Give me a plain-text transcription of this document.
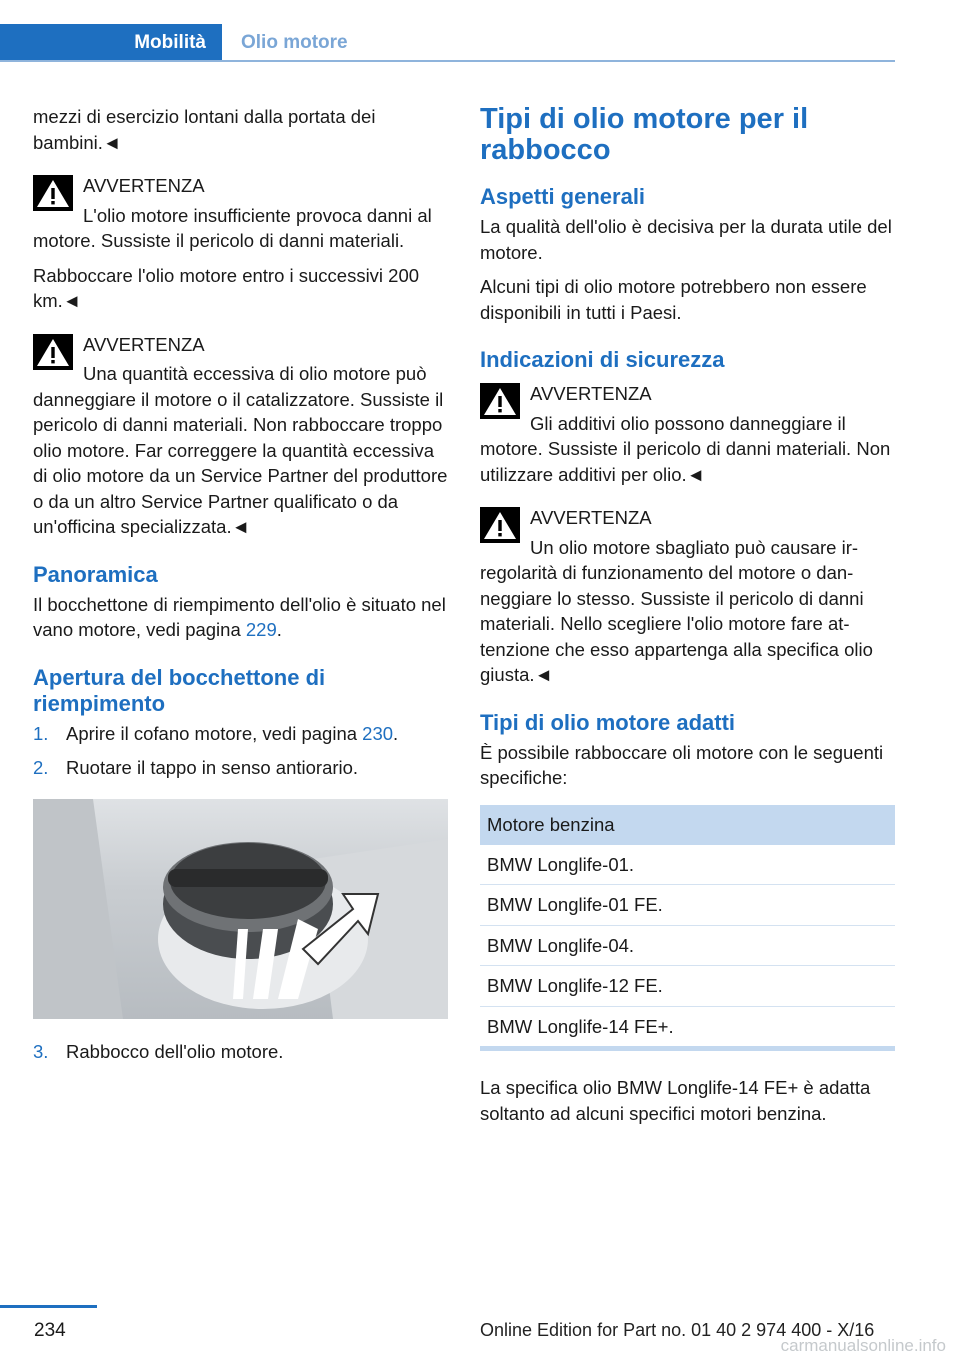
Mobilità Olio motore

mezzi di esercizio lontani dalla portata dei bambini.◄

AVVERTENZA

L'olio motore insufficiente provoca danni al motore. Sussiste il pericolo di danni materiali.

Rabboccare l'olio motore entro i successivi 200 km.◄

AVVERTENZA

Una quantità eccessiva di olio motore può danneggiare il motore o il catalizzatore. Sussiste il pericolo di danni materiali. Non rabboccare troppo olio motore. Far correggere la quantità eccessiva di olio motore da un Service Partner del produttore o da un altro Service Partner qualificato o da un'officina specializzata.◄

Panoramica

Il bocchettone di riempimento dell'olio è situato nel vano motore, vedi pagina 229.

Apertura del bocchettone di riempimento
1. Aprire il cofano motore, vedi pagina 230.
2. Ruotare il tappo in senso antiorario.
3. Rabbocco dell'olio motore.
Tipi di olio motore per il rabbocco
Aspetti generali

La qualità dell'olio è decisiva per la durata utile del motore.

Alcuni tipi di olio motore potrebbero non essere disponibili in tutti i Paesi.

Indicazioni di sicurezza

AVVERTENZA

Gli additivi olio possono danneggiare il motore. Sussiste il pericolo di danni materiali. Non utilizzare additivi per olio.◄

AVVERTENZA

Un olio motore sbagliato può causare irregolarità di funzionamento del motore o danneggiare lo stesso. Sussiste il pericolo di danni materiali. Nello scegliere l'olio motore fare attenzione che esso appartenga alla specifica olio giusta.◄

Tipi di olio motore adatti

È possibile rabboccare oli motore con le seguenti specifiche:

Motore benzina
BMW Longlife-01.
BMW Longlife-01 FE.
BMW Longlife-04.
BMW Longlife-12 FE.
BMW Longlife-14 FE+.

La specifica olio BMW Longlife-14 FE+ è adatta soltanto ad alcuni specifici motori benzina.

234	Online Edition for Part no. 01 40 2 974 400 - X/16
carmanualsonline.info
